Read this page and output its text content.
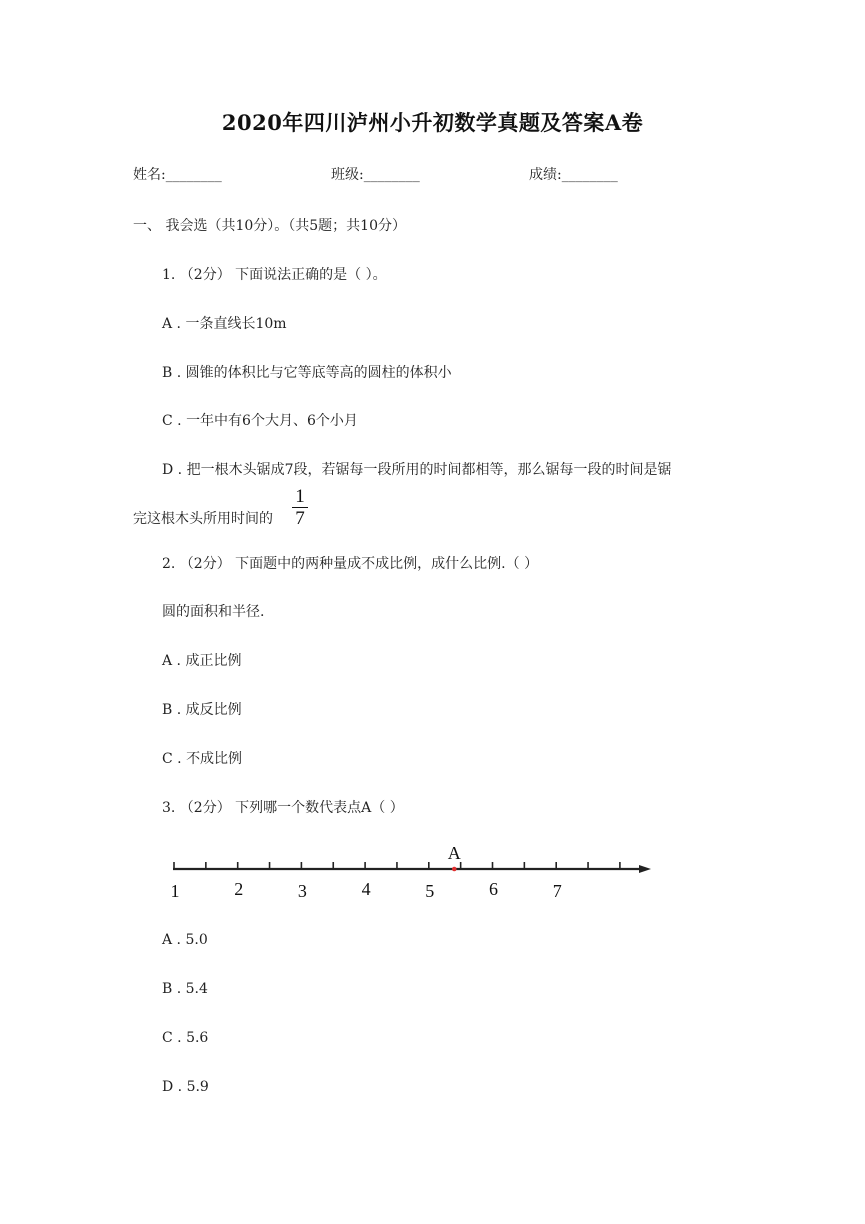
2020年四川泸州小升初数学真题及答案A卷
姓名:________	班级:________	成绩:________
一、 我会选（共10分）。（共5题；共10分）
1. （2分） 下面说法正确的是（ ）。
A . 一条直线长10m
B . 圆锥的体积比与它等底等高的圆柱的体积小
C . 一年中有6个大月、6个小月
D . 把一根木头锯成7段，若锯每一段所用的时间都相等，那么锯每一段的时间是锯
完这根木头所用时间的
1
7
2. （2分） 下面题中的两种量成不成比例，成什么比例.（ ）
圆的面积和半径.
A . 成正比例
B . 成反比例
C . 不成比例
3. （2分） 下列哪一个数代表点A（ ）
1	2	3	4	5	6	7
A
A . 5.0
B . 5.4
C . 5.6
D . 5.9
